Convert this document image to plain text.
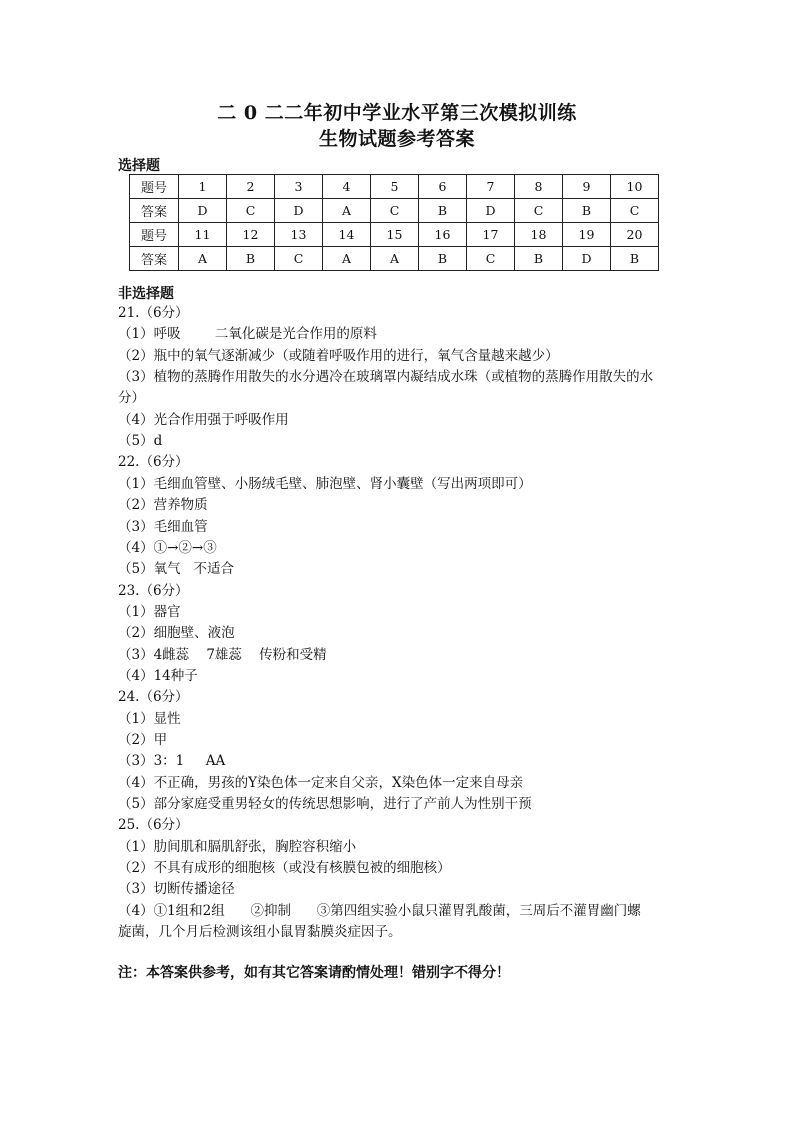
二 0 二二年初中学业水平第三次模拟训练
生物试题参考答案
选择题
题号	1	2	3	4	5	6	7	8	9	10
答案	D	C	D	A	C	B	D	C	B	C
题号	11	12	13	14	15	16	17	18	19	20
答案	A	B	C	A	A	B	C	B	D	B
非选择题
21.（6分）
（1）呼吸        二氧化碳是光合作用的原料
（2）瓶中的氧气逐渐减少（或随着呼吸作用的进行，氧气含量越来越少）
（3）植物的蒸腾作用散失的水分遇冷在玻璃罩内凝结成水珠（或植物的蒸腾作用散失的水
分）
（4）光合作用强于呼吸作用
（5）d
22.（6分）
（1）毛细血管壁、小肠绒毛壁、肺泡壁、肾小囊壁（写出两项即可）
（2）营养物质
（3）毛细血管
（4）①→②→③
（5）氧气   不适合
23.（6分）
（1）器官
（2）细胞壁、液泡
（3）4雌蕊    7雄蕊    传粉和受精
（4）14种子
24.（6分）
（1）显性
（2）甲
（3）3：1     AA
（4）不正确，男孩的Y染色体一定来自父亲，X染色体一定来自母亲
（5）部分家庭受重男轻女的传统思想影响，进行了产前人为性别干预
25.（6分）
（1）肋间肌和膈肌舒张，胸腔容积缩小
（2）不具有成形的细胞核（或没有核膜包被的细胞核）
（3）切断传播途径
（4）①1组和2组      ②抑制      ③第四组实验小鼠只灌胃乳酸菌，三周后不灌胃幽门螺
旋菌，几个月后检测该组小鼠胃黏膜炎症因子。
注：本答案供参考，如有其它答案请酌情处理！错别字不得分！
